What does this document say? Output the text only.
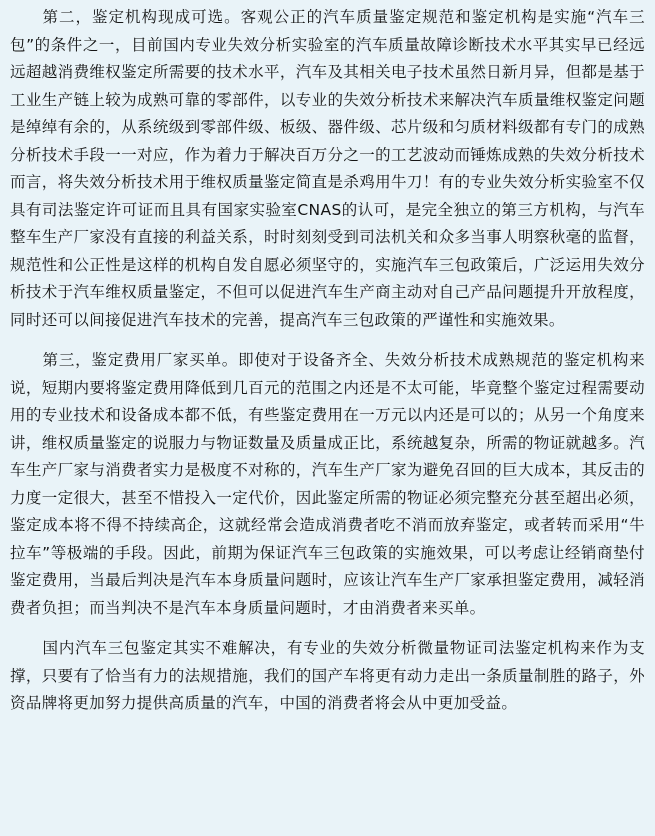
第二，鉴定机构现成可选。客观公正的汽车质量鉴定规范和鉴定机构是实施“汽车三包”的条件之一，目前国内专业失效分析实验室的汽车质量故障诊断技术水平其实早已经远远超越消费维权鉴定所需要的技术水平，汽车及其相关电子技术虽然日新月异，但都是基于工业生产链上较为成熟可靠的零部件，以专业的失效分析技术来解决汽车质量维权鉴定问题是绰绰有余的，从系统级到零部件级、板级、器件级、芯片级和匀质材料级都有专门的成熟分析技术手段一一对应，作为着力于解决百万分之一的工艺波动而锤炼成熟的失效分析技术而言，将失效分析技术用于维权质量鉴定简直是杀鸡用牛刀！有的专业失效分析实验室不仅具有司法鉴定许可证而且具有国家实验室CNAS的认可，是完全独立的第三方机构，与汽车整车生产厂家没有直接的利益关系，时时刻刻受到司法机关和众多当事人明察秋毫的监督，规范性和公正性是这样的机构自发自愿必须坚守的，实施汽车三包政策后，广泛运用失效分析技术于汽车维权质量鉴定，不但可以促进汽车生产商主动对自己产品问题提升开放程度，同时还可以间接促进汽车技术的完善，提高汽车三包政策的严谨性和实施效果。

第三，鉴定费用厂家买单。即使对于设备齐全、失效分析技术成熟规范的鉴定机构来说，短期内要将鉴定费用降低到几百元的范围之内还是不太可能，毕竟整个鉴定过程需要动用的专业技术和设备成本都不低，有些鉴定费用在一万元以内还是可以的；从另一个角度来讲，维权质量鉴定的说服力与物证数量及质量成正比，系统越复杂，所需的物证就越多。汽车生产厂家与消费者实力是极度不对称的，汽车生产厂家为避免召回的巨大成本，其反击的力度一定很大，甚至不惜投入一定代价，因此鉴定所需的物证必须完整充分甚至超出必须，鉴定成本将不得不持续高企，这就经常会造成消费者吃不消而放弃鉴定，或者转而采用“牛拉车”等极端的手段。因此，前期为保证汽车三包政策的实施效果，可以考虑让经销商垫付鉴定费用，当最后判决是汽车本身质量问题时，应该让汽车生产厂家承担鉴定费用，减轻消费者负担；而当判决不是汽车本身质量问题时，才由消费者来买单。

国内汽车三包鉴定其实不难解决，有专业的失效分析微量物证司法鉴定机构来作为支撑，只要有了恰当有力的法规措施，我们的国产车将更有动力走出一条质量制胜的路子，外资品牌将更加努力提供高质量的汽车，中国的消费者将会从中更加受益。
